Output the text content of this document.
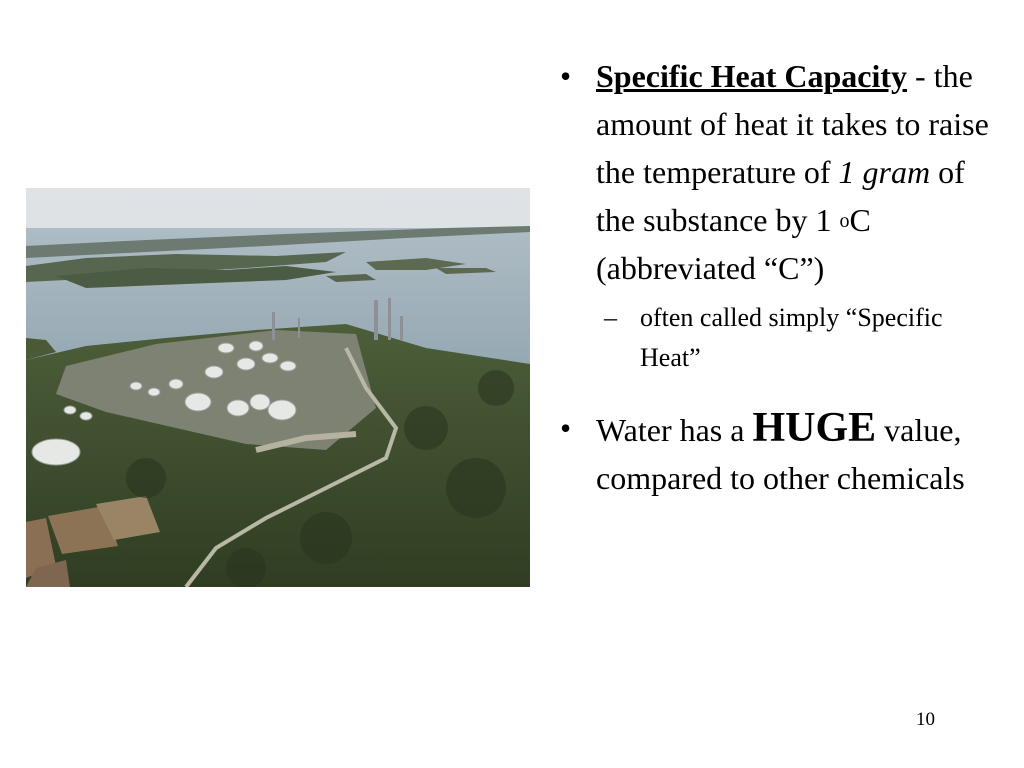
• Specific Heat Capacity - the amount of heat it takes to raise the temperature of 1 gram of the substance by 1 $^o$C (abbreviated “C”)
– often called simply “Specific Heat”
• Water has a HUGE value, compared to other chemicals
10
